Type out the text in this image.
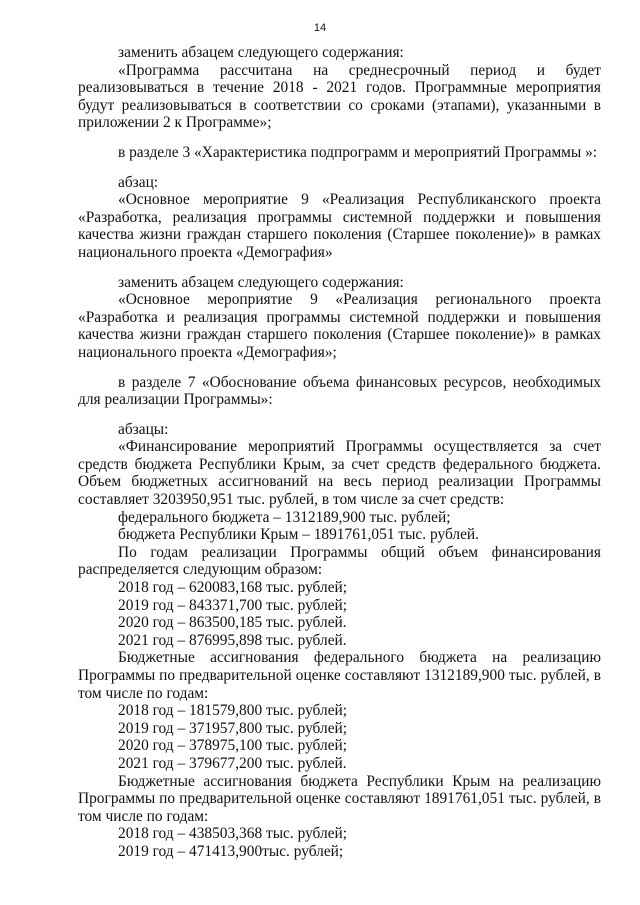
14

заменить абзацем следующего содержания:

«Программа рассчитана на среднесрочный период и будет реализовываться в течение 2018 - 2021 годов. Программные мероприятия будут реализовываться в соответствии со сроками (этапами), указанными в приложении 2 к Программе»;

в разделе 3 «Характеристика подпрограмм и мероприятий Программы »:

абзац:

«Основное мероприятие 9 «Реализация Республиканского проекта «Разработка, реализация программы системной поддержки и повышения качества жизни граждан старшего поколения (Старшее поколение)» в рамках национального проекта «Демография»

заменить абзацем следующего содержания:

«Основное мероприятие 9 «Реализация регионального проекта «Разработка и реализация программы системной поддержки и повышения качества жизни граждан старшего поколения (Старшее поколение)» в рамках национального проекта «Демография»;

в разделе 7 «Обоснование объема финансовых ресурсов, необходимых для реализации Программы»:

абзацы:

«Финансирование мероприятий Программы осуществляется за счет средств бюджета Республики Крым, за счет средств федерального бюджета. Объем бюджетных ассигнований на весь период реализации Программы составляет 3203950,951 тыс. рублей, в том числе за счет средств:

федерального бюджета – 1312189,900 тыс. рублей;

бюджета Республики Крым – 1891761,051 тыс. рублей.

По годам реализации Программы общий объем финансирования распределяется следующим образом:

2018 год – 620083,168 тыс. рублей;

2019 год – 843371,700 тыс. рублей;

2020 год – 863500,185 тыс. рублей.

2021 год – 876995,898 тыс. рублей.

Бюджетные ассигнования федерального бюджета на реализацию Программы по предварительной оценке составляют 1312189,900 тыс. рублей, в том числе по годам:

2018 год – 181579,800 тыс. рублей;

2019 год – 371957,800 тыс. рублей;

2020 год – 378975,100 тыс. рублей;

2021 год – 379677,200 тыс. рублей.

Бюджетные ассигнования бюджета Республики Крым на реализацию Программы по предварительной оценке составляют 1891761,051 тыс. рублей, в том числе по годам:

2018 год – 438503,368 тыс. рублей;

2019 год – 471413,900тыс. рублей;
